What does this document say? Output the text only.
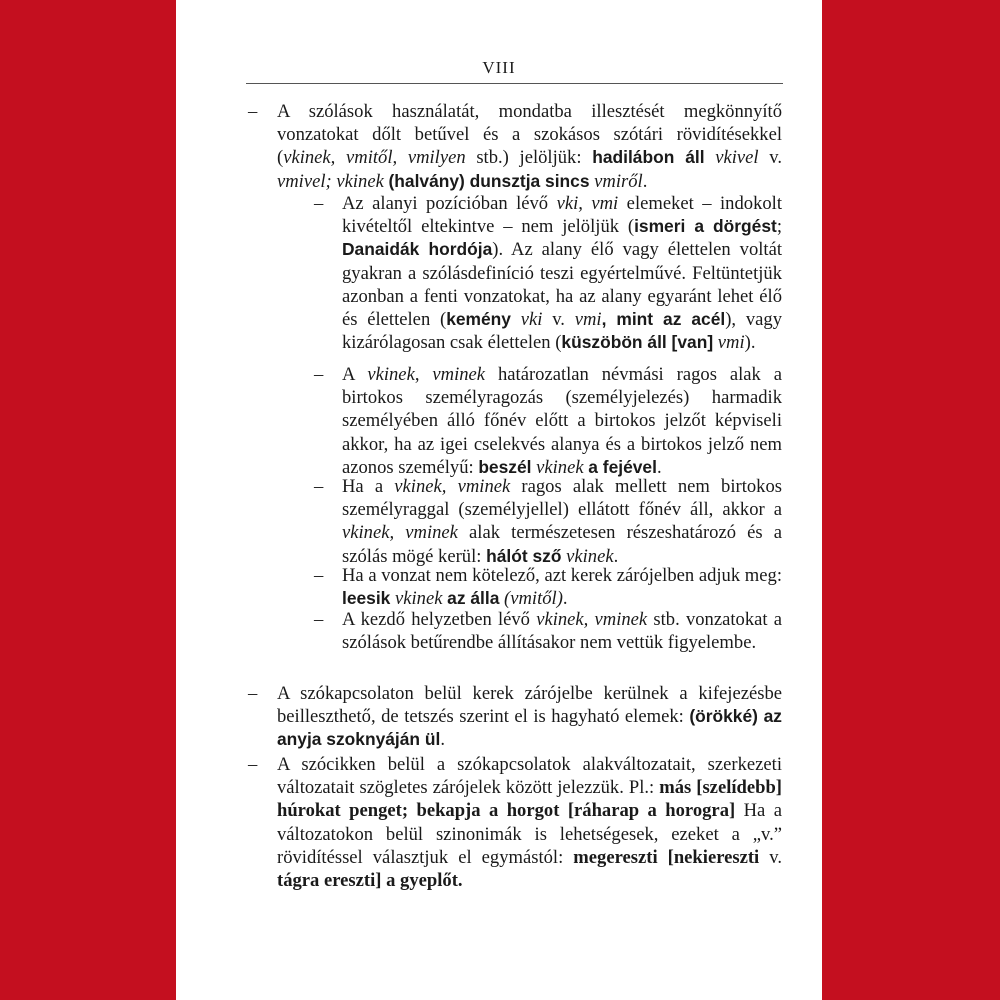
VIII
– A szólások használatát, mondatba illesztését megkönnyítő vonzatokat dőlt betűvel és a szokásos szótári rövidítésekkel (vkinek, vmitől, vmilyen stb.) jelöljük: hadilábon áll vkivel v. vmivel; vkinek (halvány) dunsztja sincs vmiről.

– Az alanyi pozícióban lévő vki, vmi elemeket – indokolt kivételtől eltekintve – nem jelöljük (ismeri a dörgést; Danaidák hordója). Az alany élő vagy élettelen voltát gyakran a szólásdefiníció teszi egyértelművé. Feltüntetjük azonban a fenti vonzatokat, ha az alany egyaránt lehet élő és élettelen (kemény vki v. vmi, mint az acél), vagy kizárólagosan csak élettelen (küszöbön áll [van] vmi).

– A vkinek, vminek határozatlan névmási ragos alak a birtokos személyragozás (személyjelezés) harmadik személyében álló főnév előtt a birtokos jelzőt képviseli akkor, ha az igei cselekvés alanya és a birtokos jelző nem azonos személyű: beszél vkinek a fejével.

– Ha a vkinek, vminek ragos alak mellett nem birtokos személyraggal (személyjellel) ellátott főnév áll, akkor a vkinek, vminek alak természetesen részeshatározó és a szólás mögé kerül: hálót sző vkinek.

– Ha a vonzat nem kötelező, azt kerek zárójelben adjuk meg: leesik vkinek az álla (vmitől).

– A kezdő helyzetben lévő vkinek, vminek stb. vonzatokat a szólások betűrendbe állításakor nem vettük figyelembe.

– A szókapcsolaton belül kerek zárójelbe kerülnek a kifejezésbe beilleszthető, de tetszés szerint el is hagyható elemek: (örökké) az anyja szoknyáján ül.

– A szócikken belül a szókapcsolatok alakváltozatait, szerkezeti változatait szögletes zárójelek között jelezzük. Pl.: más [szelídebb] húrokat penget; bekapja a horgot [ráharap a horogra] Ha a változatokon belül szinonimák is lehetségesek, ezeket a „v.” rövidítéssel választjuk el egymástól: megereszti [nekiereszti v. tágra ereszti] a gyeplőt.
